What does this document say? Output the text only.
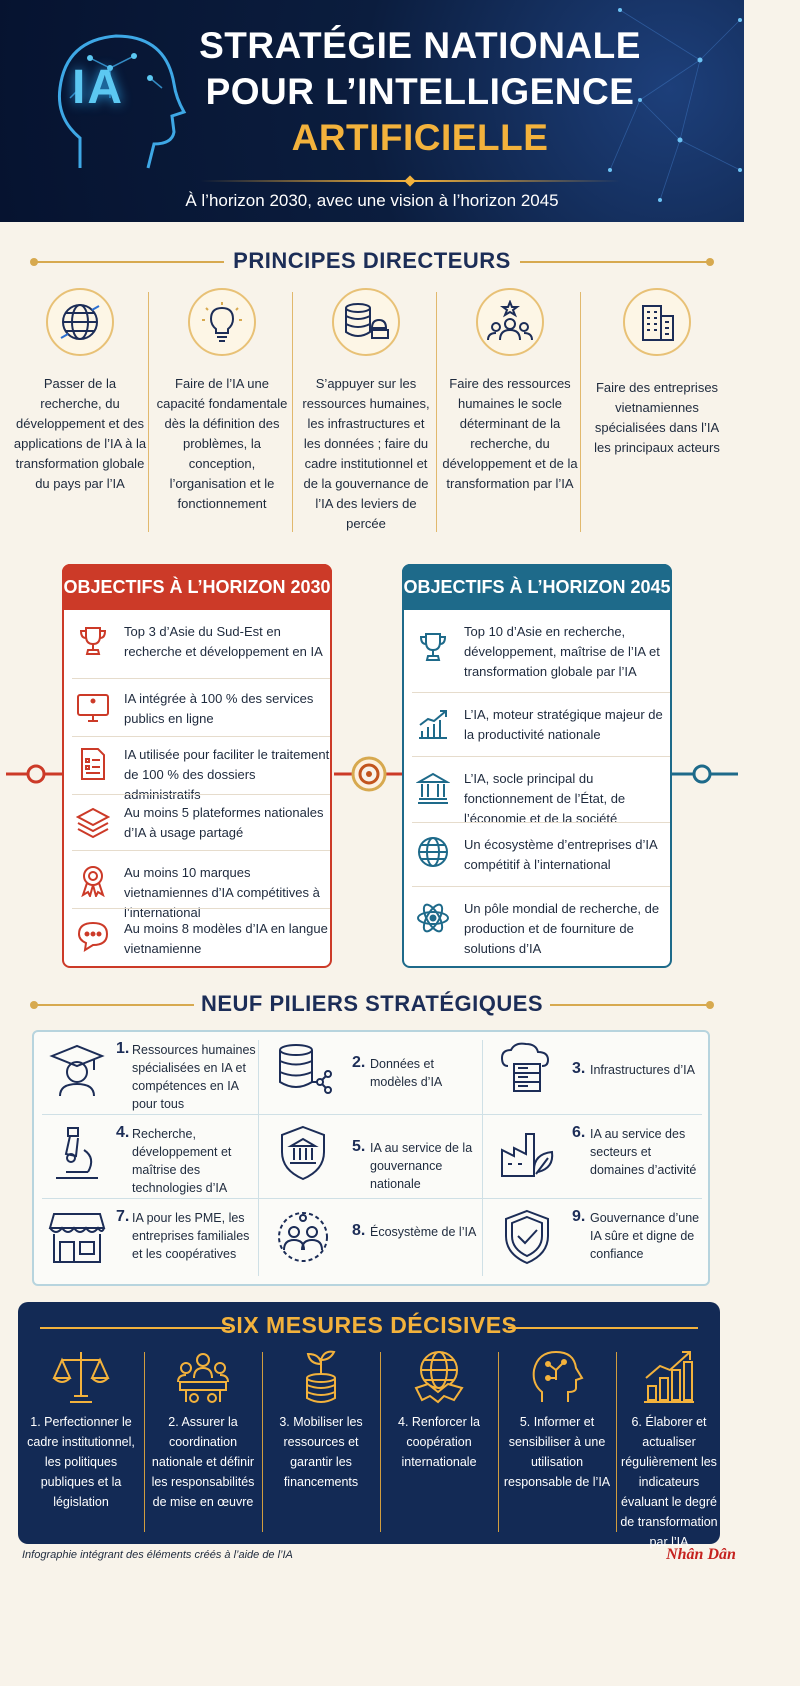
IA
STRATÉGIE NATIONALE
POUR L’INTELLIGENCE
ARTIFICIELLE
À l’horizon 2030, avec une vision à l’horizon 2045
PRINCIPES DIRECTEURS
Passer de la recherche, du développement et des applications de l’IA à la transformation globale du pays par l’IA
Faire de l’IA une capacité fondamentale dès la définition des problèmes, la conception, l’organisation et le fonctionnement
S’appuyer sur les ressources humaines, les infrastructures et les données ; faire du cadre institutionnel et de la gouvernance de l’IA des leviers de percée
Faire des ressources humaines le socle déterminant de la recherche, du développement et de la transformation par l’IA
Faire des entreprises vietnamiennes spécialisées dans l’IA les principaux acteurs
OBJECTIFS À L’HORIZON 2030
Top 3 d’Asie du Sud-Est en recherche et développement en IA
IA intégrée à 100 % des services publics en ligne
IA utilisée pour faciliter le traitement de 100 % des dossiers administratifs
Au moins 5 plateformes nationales d’IA à usage partagé
Au moins 10 marques vietnamiennes d’IA compétitives à l’international
Au moins 8 modèles d’IA en langue vietnamienne
OBJECTIFS À L’HORIZON 2045
Top 10 d’Asie en recherche, développement, maîtrise de l’IA et transformation globale par l’IA
L’IA, moteur stratégique majeur de la productivité nationale
L’IA, socle principal du fonctionnement de l’État, de l’économie et de la société
Un écosystème d’entreprises d’IA compétitif à l’international
Un pôle mondial de recherche, de production et de fourniture de solutions d’IA
NEUF PILIERS STRATÉGIQUES
1. Ressources humaines spécialisées en IA et compétences en IA pour tous
2. Données et modèles d’IA
3. Infrastructures d’IA
4. Recherche, développement et maîtrise des technologies d’IA
5. IA au service de la gouvernance nationale
6. IA au service des secteurs et domaines d’activité
7. IA pour les PME, les entreprises familiales et les coopératives
8. Écosystème de l’IA
9. Gouvernance d’une IA sûre et digne de confiance
SIX MESURES DÉCISIVES
1. Perfectionner le cadre institutionnel, les politiques publiques et la législation
2. Assurer la coordination nationale et définir les responsabilités de mise en œuvre
3. Mobiliser les ressources et garantir les financements
4. Renforcer la coopération internationale
5. Informer et sensibiliser à une utilisation responsable de l’IA
6. Élaborer et actualiser régulièrement les indicateurs évaluant le degré de transformation par l’IA
Infographie intégrant des éléments créés à l’aide de l’IA	Nhân Dân
